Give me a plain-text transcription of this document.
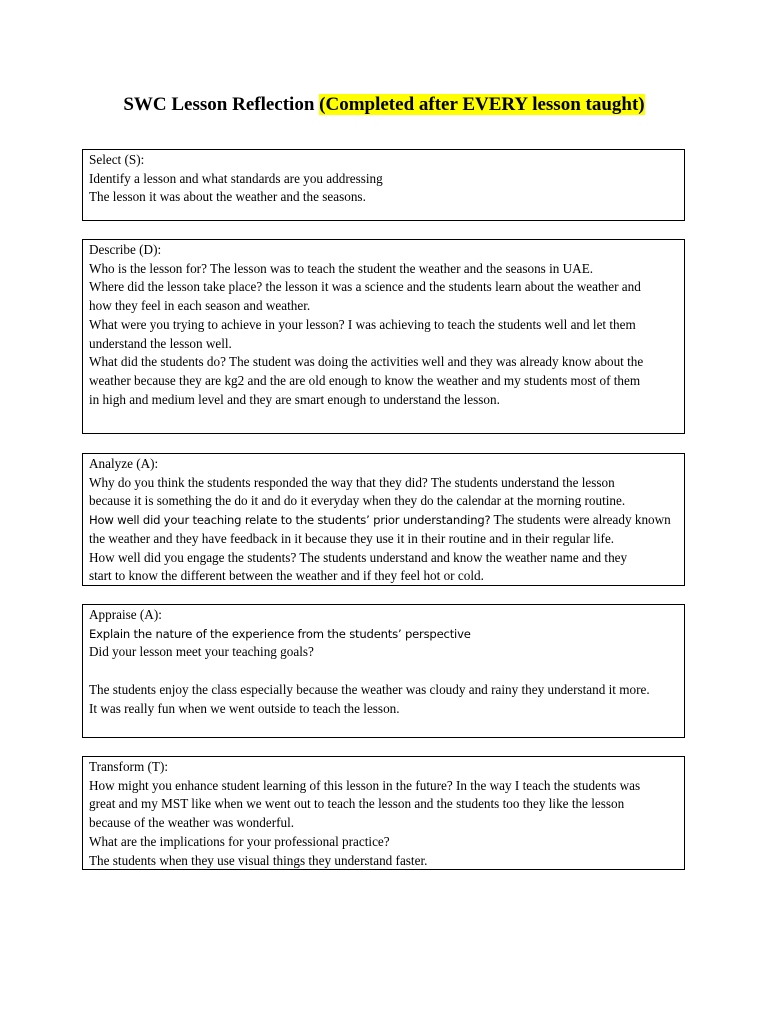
SWC Lesson Reflection (Completed after EVERY lesson taught)

Select (S):

Identify a lesson and what standards are you addressing

The lesson it was about the weather and the seasons.

Describe (D):

Who is the lesson for? The lesson was to teach the student the weather and the seasons in UAE.

Where did the lesson take place? the lesson it was a science and the students learn about the weather and

how they feel in each season and weather.

What were you trying to achieve in your lesson? I was achieving to teach the students well and let them

understand the lesson well.

What did the students do? The student was doing the activities well and they was already know about the

weather because they are kg2 and the are old enough to know the weather and my students most of them

in high and medium level and they are smart enough to understand the lesson.

Analyze (A):

Why do you think the students responded the way that they did? The students understand the lesson

because it is something the do it and do it everyday when they do the calendar at the morning routine.

How well did your teaching relate to the students’ prior understanding? The students were already known

the weather and they have feedback in it because they use it in their routine and in their regular life.

How well did you engage the students? The students understand and know the weather name and they

start to know the different between the weather and if they feel hot or cold.

Appraise (A):

Explain the nature of the experience from the students’ perspective

Did your lesson meet your teaching goals?

The students enjoy the class especially because the weather was cloudy and rainy they understand it more.

It was really fun when we went outside to teach the lesson.

Transform (T):

How might you enhance student learning of this lesson in the future? In the way I teach the students was

great and my MST like when we went out to teach the lesson and the students too they like the lesson

because of the weather was wonderful.

What are the implications for your professional practice?

The students when they use visual things they understand faster.
